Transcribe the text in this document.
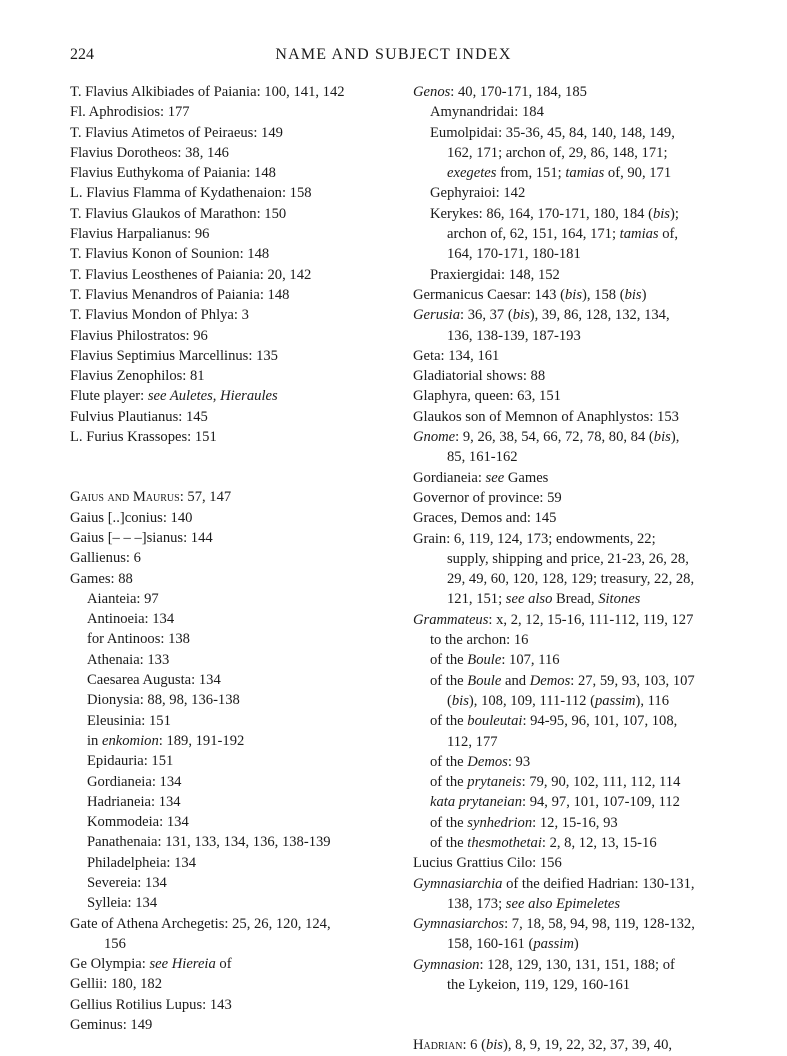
224	NAME AND SUBJECT INDEX
T. Flavius Alkibiades of Paiania: 100, 141, 142
Fl. Aphrodisios: 177
T. Flavius Atimetos of Peiraeus: 149
Flavius Dorotheos: 38, 146
Flavius Euthykoma of Paiania: 148
L. Flavius Flamma of Kydathenaion: 158
T. Flavius Glaukos of Marathon: 150
Flavius Harpalianus: 96
T. Flavius Konon of Sounion: 148
T. Flavius Leosthenes of Paiania: 20, 142
T. Flavius Menandros of Paiania: 148
T. Flavius Mondon of Phlya: 3
Flavius Philostratos: 96
Flavius Septimius Marcellinus: 135
Flavius Zenophilos: 81
Flute player: see Auletes, Hieraules
Fulvius Plautianus: 145
L. Furius Krassopes: 151
Gaius and Maurus: 57, 147
Gaius [..]conius: 140
Gaius [– – –]sianus: 144
Gallienus: 6
Games: 88
Aianteia: 97
Antinoeia: 134
for Antinoos: 138
Athenaia: 133
Caesarea Augusta: 134
Dionysia: 88, 98, 136-138
Eleusinia: 151
in enkomion: 189, 191-192
Epidauria: 151
Gordianeia: 134
Hadrianeia: 134
Kommodeia: 134
Panathenaia: 131, 133, 134, 136, 138-139
Philadelpheia: 134
Severeia: 134
Sylleia: 134
Gate of Athena Archegetis: 25, 26, 120, 124,
156
Ge Olympia: see Hiereia of
Gellii: 180, 182
Gellius Rotilius Lupus: 143
Geminus: 149
Genos: 40, 170-171, 184, 185
Amynandridai: 184
Eumolpidai: 35-36, 45, 84, 140, 148, 149,
162, 171; archon of, 29, 86, 148, 171;
exegetes from, 151; tamias of, 90, 171
Gephyraioi: 142
Kerykes: 86, 164, 170-171, 180, 184 (bis);
archon of, 62, 151, 164, 171; tamias of,
164, 170-171, 180-181
Praxiergidai: 148, 152
Germanicus Caesar: 143 (bis), 158 (bis)
Gerusia: 36, 37 (bis), 39, 86, 128, 132, 134,
136, 138-139, 187-193
Geta: 134, 161
Gladiatorial shows: 88
Glaphyra, queen: 63, 151
Glaukos son of Memnon of Anaphlystos: 153
Gnome: 9, 26, 38, 54, 66, 72, 78, 80, 84 (bis),
85, 161-162
Gordianeia: see Games
Governor of province: 59
Graces, Demos and: 145
Grain: 6, 119, 124, 173; endowments, 22;
supply, shipping and price, 21-23, 26, 28,
29, 49, 60, 120, 128, 129; treasury, 22, 28,
121, 151; see also Bread, Sitones
Grammateus: x, 2, 12, 15-16, 111-112, 119, 127
to the archon: 16
of the Boule: 107, 116
of the Boule and Demos: 27, 59, 93, 103, 107
(bis), 108, 109, 111-112 (passim), 116
of the bouleutai: 94-95, 96, 101, 107, 108,
112, 177
of the Demos: 93
of the prytaneis: 79, 90, 102, 111, 112, 114
kata prytaneian: 94, 97, 101, 107-109, 112
of the synhedrion: 12, 15-16, 93
of the thesmothetai: 2, 8, 12, 13, 15-16
Lucius Grattius Cilo: 156
Gymnasiarchia of the deified Hadrian: 130-131,
138, 173; see also Epimeletes
Gymnasiarchos: 7, 18, 58, 94, 98, 119, 128-132,
158, 160-161 (passim)
Gymnasion: 128, 129, 130, 131, 151, 188; of
the Lykeion, 119, 129, 160-161
Hadrian: 6 (bis), 8, 9, 19, 22, 32, 37, 39, 40,
